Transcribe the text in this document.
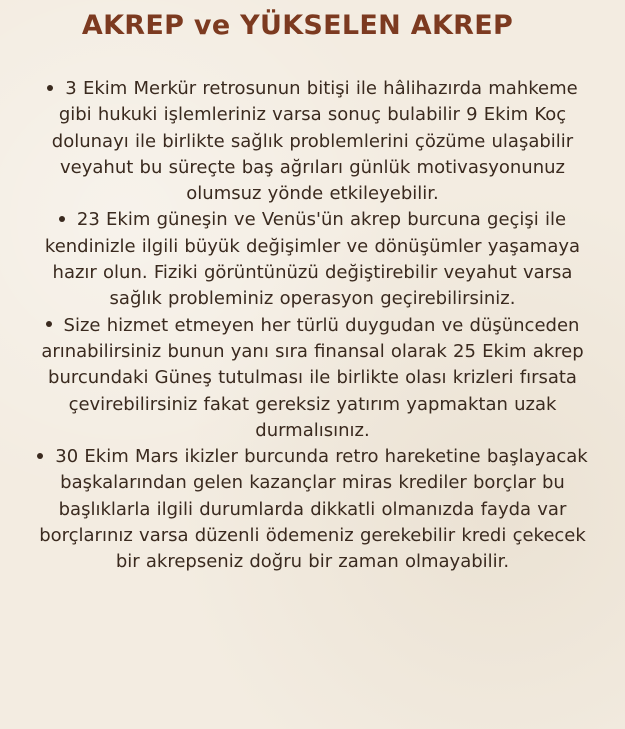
AKREP ve YÜKSELEN AKREP
3 Ekim Merkür retrosunun bitişi ile hâlihazırda mahkeme gibi hukuki işlemleriniz varsa sonuç bulabilir 9 Ekim Koç dolunayı ile birlikte sağlık problemlerini çözüme ulaşabilir veyahut bu süreçte baş ağrıları günlük motivasyonunuz olumsuz yönde etkileyebilir.
23 Ekim güneşin ve Venüs'ün akrep burcuna geçişi ile kendinizle ilgili büyük değişimler ve dönüşümler yaşamaya hazır olun. Fiziki görüntünüzü değiştirebilir veyahut varsa sağlık probleminiz operasyon geçirebilirsiniz.
Size hizmet etmeyen her türlü duygudan ve düşünceden arınabilirsiniz bunun yanı sıra finansal olarak 25 Ekim akrep burcundaki Güneş tutulması ile birlikte olası krizleri fırsata çevirebilirsiniz fakat gereksiz yatırım yapmaktan uzak durmalısınız.
30 Ekim Mars ikizler burcunda retro hareketine başlayacak başkalarından gelen kazançlar miras krediler borçlar bu başlıklarla ilgili durumlarda dikkatli olmanızda fayda var borçlarınız varsa düzenli ödemeniz gerekebilir kredi çekecek bir akrepseniz doğru bir zaman olmayabilir.
